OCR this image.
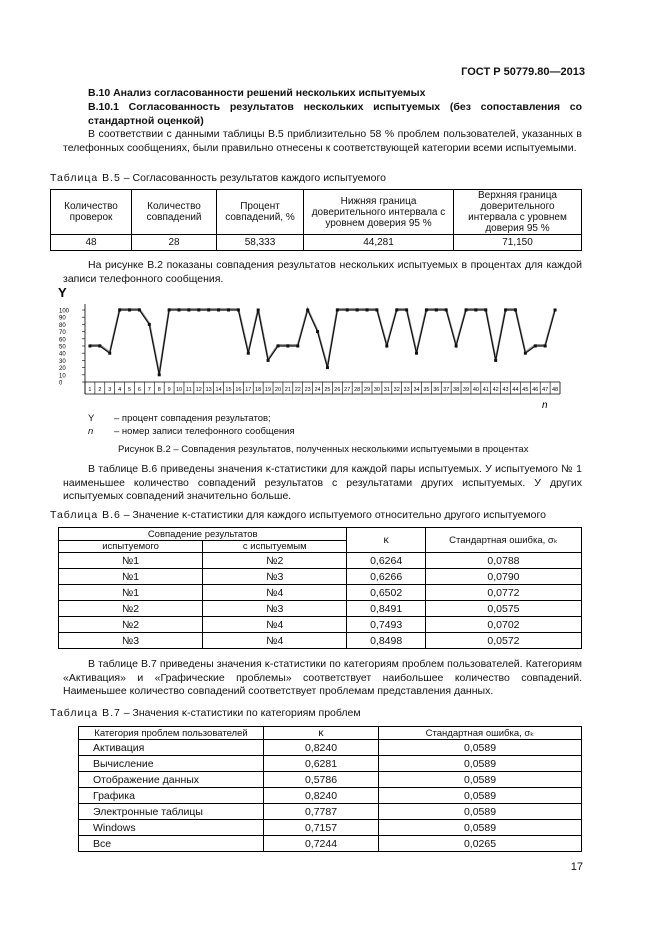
ГОСТ Р 50779.80—2013

В.10 Анализ согласованности решений нескольких испытуемых

В.10.1 Согласованность результатов нескольких испытуемых (без сопоставления со стандартной оценкой)

В соответствии с данными таблицы В.5 приблизительно 58 % проблем пользователей, указанных в телефонных сообщениях, были правильно отнесены к соответствующей категории всеми испытуемыми.

Таблица В.5 – Согласованность результатов каждого испытуемого
Количество проверок	Количество совпадений	Процент совпадений, %	Нижняя граница доверительного интервала с уровнем доверия 95 %	Верхняя граница доверительного интервала с уровнем доверия 95 %
48	28	58,333	44,281	71,150

На рисунке В.2 показаны совпадения результатов нескольких испытуемых в процентах для каждой записи телефонного сообщения.

Y
n
0
10
20
30
40
50
60
70
80
90
100
1 2 3 4 5 6 7 8 9 10 11 12 13 14 15 16 17 18 19 20 21 22 23 24 25 26 27 28 29 30 31 32 33 34 35 36 37 38 39 40 41 42 43 44 45 46 47 48
Y – процент совпадения результатов;
n – номер записи телефонного сообщения
Рисунок В.2 – Совпадения результатов, полученных несколькими испытуемыми в процентах

В таблице В.6 приведены значения κ-статистики для каждой пары испытуемых. У испытуемого № 1 наименьшее количество совпадений результатов с результатами других испытуемых. У других испытуемых совпадений значительно больше.

Таблица В.6 – Значение κ-статистики для каждого испытуемого относительно другого испытуемого
Совпадение результатов		κ	Стандартная ошибка, σₖ
испытуемого	с испытуемым		
№1	№2	0,6264	0,0788
№1	№3	0,6266	0,0790
№1	№4	0,6502	0,0772
№2	№3	0,8491	0,0575
№2	№4	0,7493	0,0702
№3	№4	0,8498	0,0572

В таблице В.7 приведены значения κ-статистики по категориям проблем пользователей. Категориям «Активация» и «Графические проблемы» соответствует наибольшее количество совпадений. Наименьшее количество совпадений соответствует проблемам представления данных.

Таблица В.7 – Значения κ-статистики по категориям проблем
Категория проблем пользователей	κ	Стандартная ошибка, σₖ
Активация	0,8240	0,0589
Вычисление	0,6281	0,0589
Отображение данных	0,5786	0,0589
Графика	0,8240	0,0589
Электронные таблицы	0,7787	0,0589
Windows	0,7157	0,0589
Все	0,7244	0,0265
17
